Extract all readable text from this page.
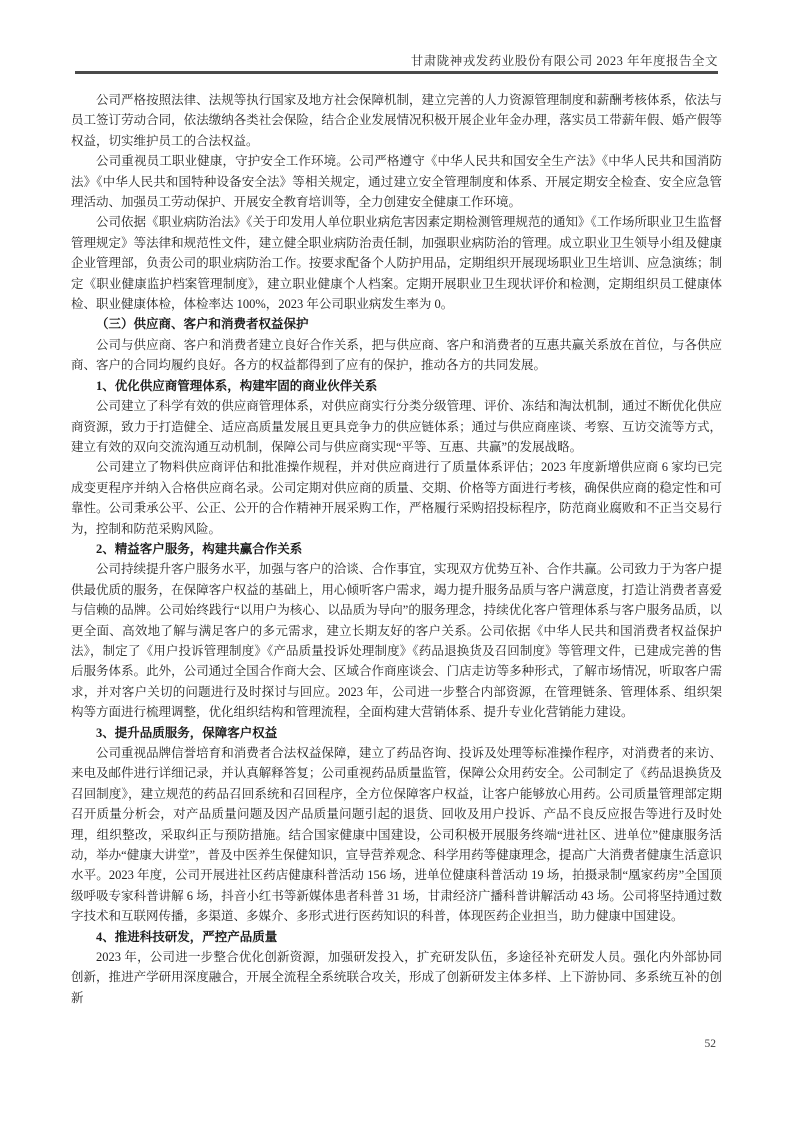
甘肃陇神戎发药业股份有限公司 2023 年年度报告全文

公司严格按照法律、法规等执行国家及地方社会保障机制，建立完善的人力资源管理制度和薪酬考核体系，依法与员工签订劳动合同，依法缴纳各类社会保险，结合企业发展情况积极开展企业年金办理，落实员工带薪年假、婚产假等权益，切实维护员工的合法权益。

公司重视员工职业健康，守护安全工作环境。公司严格遵守《中华人民共和国安全生产法》《中华人民共和国消防法》《中华人民共和国特种设备安全法》等相关规定，通过建立安全管理制度和体系、开展定期安全检查、安全应急管理活动、加强员工劳动保护、开展安全教育培训等，全力创建安全健康工作环境。

公司依据《职业病防治法》《关于印发用人单位职业病危害因素定期检测管理规范的通知》《工作场所职业卫生监督管理规定》等法律和规范性文件，建立健全职业病防治责任制，加强职业病防治的管理。成立职业卫生领导小组及健康企业管理部，负责公司的职业病防治工作。按要求配备个人防护用品，定期组织开展现场职业卫生培训、应急演练；制定《职业健康监护档案管理制度》，建立职业健康个人档案。定期开展职业卫生现状评价和检测，定期组织员工健康体检、职业健康体检，体检率达 100%，2023 年公司职业病发生率为 0。

（三）供应商、客户和消费者权益保护

公司与供应商、客户和消费者建立良好合作关系，把与供应商、客户和消费者的互惠共赢关系放在首位，与各供应商、客户的合同均履约良好。各方的权益都得到了应有的保护，推动各方的共同发展。

1、优化供应商管理体系，构建牢固的商业伙伴关系

公司建立了科学有效的供应商管理体系，对供应商实行分类分级管理、评价、冻结和淘汰机制，通过不断优化供应商资源，致力于打造健全、适应高质量发展且更具竞争力的供应链体系；通过与供应商座谈、考察、互访交流等方式，建立有效的双向交流沟通互动机制，保障公司与供应商实现“平等、互惠、共赢”的发展战略。

公司建立了物料供应商评估和批准操作规程，并对供应商进行了质量体系评估；2023 年度新增供应商 6 家均已完成变更程序并纳入合格供应商名录。公司定期对供应商的质量、交期、价格等方面进行考核，确保供应商的稳定性和可靠性。公司秉承公平、公正、公开的合作精神开展采购工作，严格履行采购招投标程序，防范商业腐败和不正当交易行为，控制和防范采购风险。

2、精益客户服务，构建共赢合作关系

公司持续提升客户服务水平，加强与客户的洽谈、合作事宜，实现双方优势互补、合作共赢。公司致力于为客户提供最优质的服务，在保障客户权益的基础上，用心倾听客户需求，竭力提升服务品质与客户满意度，打造让消费者喜爱与信赖的品牌。公司始终践行“以用户为核心、以品质为导向”的服务理念，持续优化客户管理体系与客户服务品质，以更全面、高效地了解与满足客户的多元需求，建立长期友好的客户关系。公司依据《中华人民共和国消费者权益保护法》，制定了《用户投诉管理制度》《产品质量投诉处理制度》《药品退换货及召回制度》等管理文件，已建成完善的售后服务体系。此外，公司通过全国合作商大会、区域合作商座谈会、门店走访等多种形式，了解市场情况，听取客户需求，并对客户关切的问题进行及时探讨与回应。2023 年，公司进一步整合内部资源，在管理链条、管理体系、组织架构等方面进行梳理调整，优化组织结构和管理流程，全面构建大营销体系、提升专业化营销能力建设。

3、提升品质服务，保障客户权益

公司重视品牌信誉培育和消费者合法权益保障，建立了药品咨询、投诉及处理等标准操作程序，对消费者的来访、来电及邮件进行详细记录，并认真解释答复；公司重视药品质量监管，保障公众用药安全。公司制定了《药品退换货及召回制度》，建立规范的药品召回系统和召回程序，全方位保障客户权益，让客户能够放心用药。公司质量管理部定期召开质量分析会，对产品质量问题及因产品质量问题引起的退货、回收及用户投诉、产品不良反应报告等进行及时处理，组织整改，采取纠正与预防措施。结合国家健康中国建设，公司积极开展服务终端“进社区、进单位”健康服务活动，举办“健康大讲堂”，普及中医养生保健知识，宣导营养观念、科学用药等健康理念，提高广大消费者健康生活意识水平。2023 年度，公司开展进社区药店健康科普活动 156 场，进单位健康科普活动 19 场，拍摄录制“凰家药房”全国顶级呼吸专家科普讲解 6 场，抖音小红书等新媒体患者科普 31 场，甘肃经济广播科普讲解活动 43 场。公司将坚持通过数字技术和互联网传播，多渠道、多媒介、多形式进行医药知识的科普，体现医药企业担当，助力健康中国建设。

4、推进科技研发，严控产品质量

2023 年，公司进一步整合优化创新资源，加强研发投入，扩充研发队伍，多途径补充研发人员。强化内外部协同创新，推进产学研用深度融合，开展全流程全系统联合攻关，形成了创新研发主体多样、上下游协同、多系统互补的创新

52
